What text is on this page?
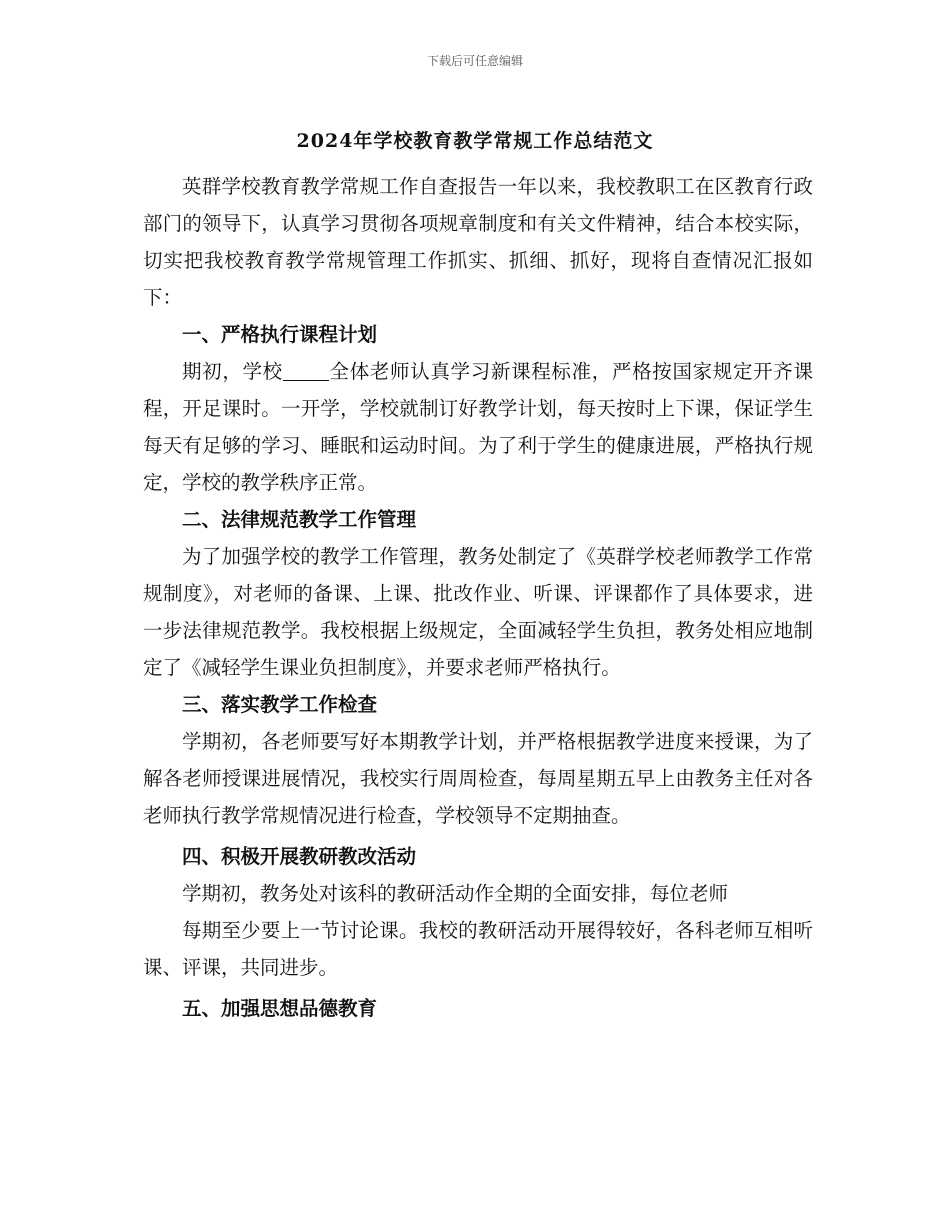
下载后可任意编辑
2024年学校教育教学常规工作总结范文

英群学校教育教学常规工作自查报告一年以来，我校教职工在区教育行政部门的领导下，认真学习贯彻各项规章制度和有关文件精神，结合本校实际，切实把我校教育教学常规管理工作抓实、抓细、抓好，现将自查情况汇报如下：

一、严格执行课程计划

期初，学校 全体老师认真学习新课程标准，严格按国家规定开齐课程，开足课时。一开学，学校就制订好教学计划，每天按时上下课，保证学生每天有足够的学习、睡眠和运动时间。为了利于学生的健康进展，严格执行规定，学校的教学秩序正常。

二、法律规范教学工作管理

为了加强学校的教学工作管理，教务处制定了《英群学校老师教学工作常规制度》，对老师的备课、上课、批改作业、听课、评课都作了具体要求，进一步法律规范教学。我校根据上级规定，全面减轻学生负担，教务处相应地制定了《减轻学生课业负担制度》，并要求老师严格执行。

三、落实教学工作检查

学期初，各老师要写好本期教学计划，并严格根据教学进度来授课，为了解各老师授课进展情况，我校实行周周检查，每周星期五早上由教务主任对各老师执行教学常规情况进行检查，学校领导不定期抽查。

四、积极开展教研教改活动

学期初，教务处对该科的教研活动作全期的全面安排，每位老师

每期至少要上一节讨论课。我校的教研活动开展得较好，各科老师互相听课、评课，共同进步。

五、加强思想品德教育
